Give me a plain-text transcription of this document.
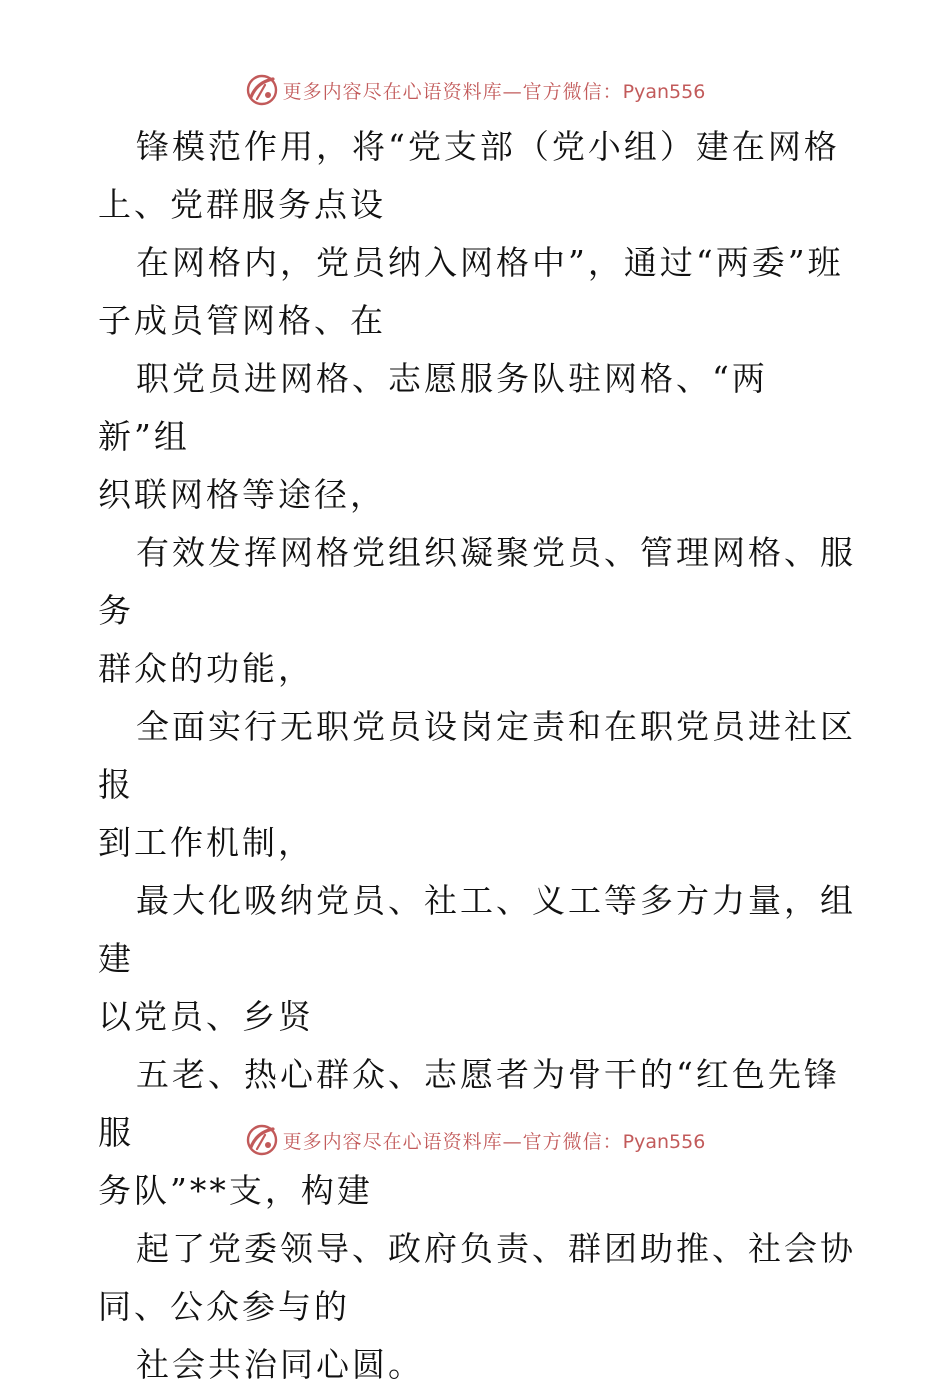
更多内容尽在心语资料库—官方微信：Pyan556

锋模范作用，将“党支部（党小组）建在网格
上、党群服务点设

在网格内，党员纳入网格中”，通过“两委”班
子成员管网格、在

职党员进网格、志愿服务队驻网格、“两新”组
织联网格等途径，

有效发挥网格党组织凝聚党员、管理网格、服务
群众的功能，

全面实行无职党员设岗定责和在职党员进社区报
到工作机制，

最大化吸纳党员、社工、义工等多方力量，组建
以党员、乡贤

五老、热心群众、志愿者为骨干的“红色先锋服
务队”**支，构建

起了党委领导、政府负责、群团助推、社会协
同、公众参与的

社会共治同心圆。

更多内容尽在心语资料库—官方微信：Pyan556
